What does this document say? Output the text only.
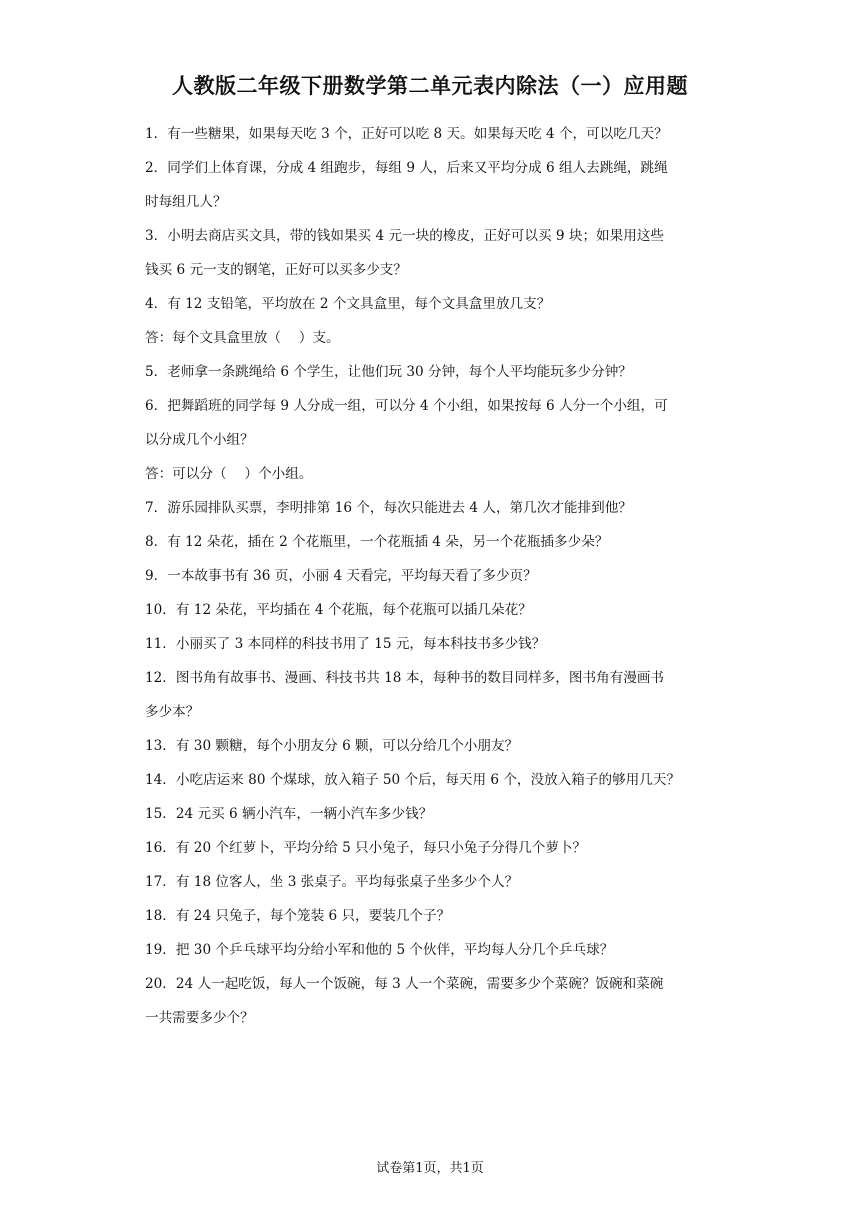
人教版二年级下册数学第二单元表内除法（一）应用题
1．有一些糖果，如果每天吃 3 个，正好可以吃 8 天。如果每天吃 4 个，可以吃几天？
2．同学们上体育课，分成 4 组跑步，每组 9 人，后来又平均分成 6 组人去跳绳，跳绳
时每组几人？
3．小明去商店买文具，带的钱如果买 4 元一块的橡皮，正好可以买 9 块；如果用这些
钱买 6 元一支的钢笔，正好可以买多少支？
4．有 12 支铅笔，平均放在 2 个文具盒里，每个文具盒里放几支？
答：每个文具盒里放（　 ）支。
5．老师拿一条跳绳给 6 个学生，让他们玩 30 分钟，每个人平均能玩多少分钟？
6．把舞蹈班的同学每 9 人分成一组，可以分 4 个小组，如果按每 6 人分一个小组，可
以分成几个小组？
答：可以分（　 ）个小组。
7．游乐园排队买票，李明排第 16 个，每次只能进去 4 人，第几次才能排到他？
8．有 12 朵花，插在 2 个花瓶里，一个花瓶插 4 朵，另一个花瓶插多少朵？
9．一本故事书有 36 页，小丽 4 天看完，平均每天看了多少页？
10．有 12 朵花，平均插在 4 个花瓶，每个花瓶可以插几朵花？
11．小丽买了 3 本同样的科技书用了 15 元，每本科技书多少钱？
12．图书角有故事书、漫画、科技书共 18 本，每种书的数目同样多，图书角有漫画书
多少本？
13．有 30 颗糖，每个小朋友分 6 颗，可以分给几个小朋友？
14．小吃店运来 80 个煤球，放入箱子 50 个后，每天用 6 个，没放入箱子的够用几天？
15．24 元买 6 辆小汽车，一辆小汽车多少钱？
16．有 20 个红萝卜，平均分给 5 只小兔子，每只小兔子分得几个萝卜？
17．有 18 位客人，坐 3 张桌子。平均每张桌子坐多少个人？
18．有 24 只兔子，每个笼装 6 只，要装几个子？
19．把 30 个乒乓球平均分给小军和他的 5 个伙伴，平均每人分几个乒乓球？
20．24 人一起吃饭，每人一个饭碗，每 3 人一个菜碗，需要多少个菜碗？饭碗和菜碗
一共需要多少个？
试卷第1页，共1页
